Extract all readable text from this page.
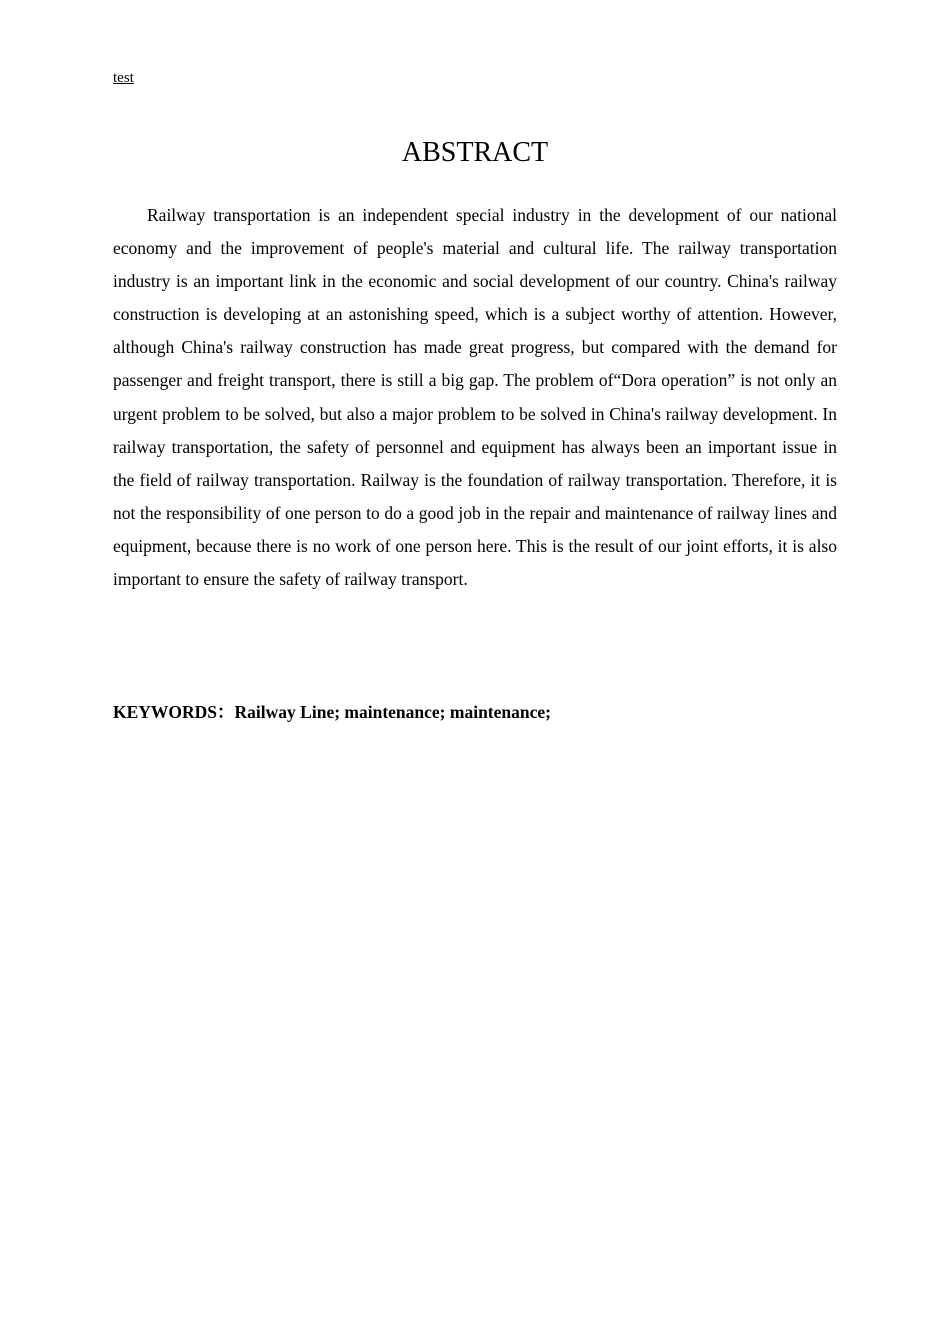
test
ABSTRACT

Railway transportation is an independent special industry in the development of our national economy and the improvement of people's material and cultural life. The railway transportation industry is an important link in the economic and social development of our country. China's railway construction is developing at an astonishing speed, which is a subject worthy of attention. However, although China's railway construction has made great progress, but compared with the demand for passenger and freight transport, there is still a big gap. The problem of“Dora operation” is not only an urgent problem to be solved, but also a major problem to be solved in China's railway development. In railway transportation, the safety of personnel and equipment has always been an important issue in the field of railway transportation. Railway is the foundation of railway transportation. Therefore, it is not the responsibility of one person to do a good job in the repair and maintenance of railway lines and equipment, because there is no work of one person here. This is the result of our joint efforts, it is also important to ensure the safety of railway transport.

KEYWORDS：Railway Line; maintenance; maintenance;
